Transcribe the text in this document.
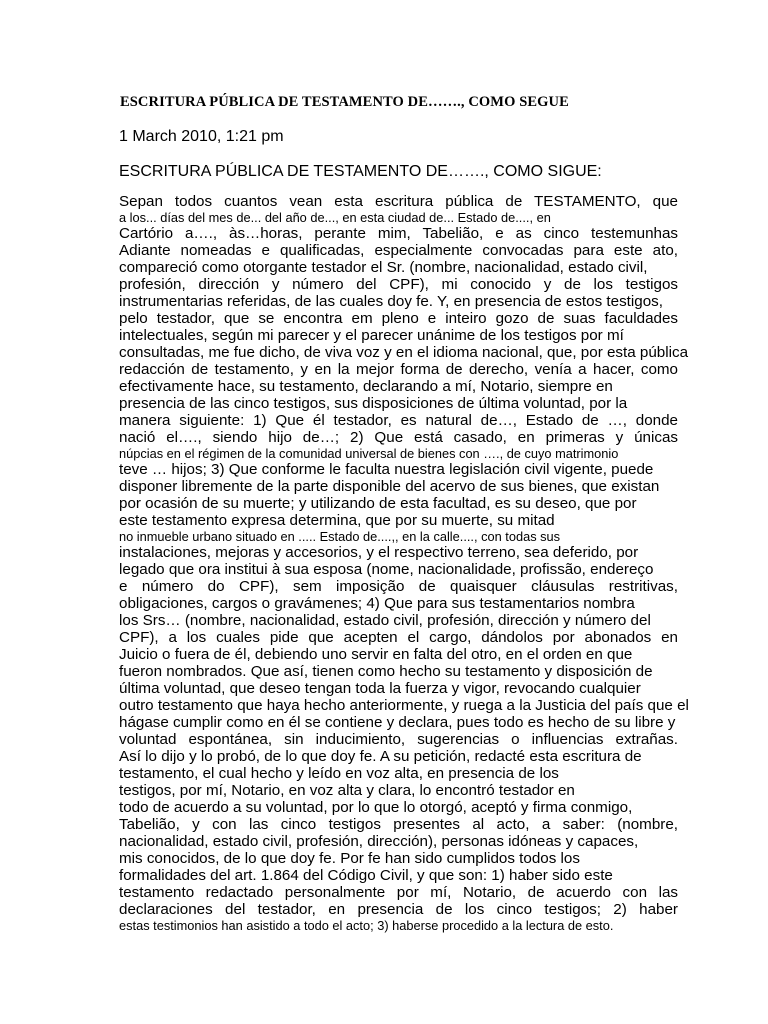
ESCRITURA PÚBLICA DE TESTAMENTO DE……., COMO SEGUE
1 March 2010, 1:21 pm
ESCRITURA PÚBLICA DE TESTAMENTO DE……., COMO SIGUE:
Sepan todos cuantos vean esta escritura pública de TESTAMENTO, que
a los... días del mes de... del año de..., en esta ciudad de... Estado de...., en
Cartório a…., às…horas, perante mim, Tabelião, e as cinco testemunhas
Adiante nomeadas e qualificadas, especialmente convocadas para este ato,
compareció como otorgante testador el Sr. (nombre, nacionalidad, estado civil,
profesión, dirección y número del CPF), mi conocido y de los testigos
instrumentarias referidas, de las cuales doy fe. Y, en presencia de estos testigos,
pelo testador, que se encontra em pleno e inteiro gozo de suas faculdades
intelectuales, según mi parecer y el parecer unánime de los testigos por mí
consultadas, me fue dicho, de viva voz y en el idioma nacional, que, por esta pública
redacción de testamento, y en la mejor forma de derecho, venía a hacer, como
efectivamente hace, su testamento, declarando a mí, Notario, siempre en
presencia de las cinco testigos, sus disposiciones de última voluntad, por la
manera siguiente: 1) Que él testador, es natural de…, Estado de …, donde
nació el…., siendo hijo de…; 2) Que está casado, en primeras y únicas
núpcias en el régimen de la comunidad universal de bienes con …., de cuyo matrimonio
teve … hijos; 3) Que conforme le faculta nuestra legislación civil vigente, puede
disponer libremente de la parte disponible del acervo de sus bienes, que existan
por ocasión de su muerte; y utilizando de esta facultad, es su deseo, que por
este testamento expresa determina, que por su muerte, su mitad
no inmueble urbano situado en ..... Estado de....,, en la calle...., con todas sus
instalaciones, mejoras y accesorios, y el respectivo terreno, sea deferido, por
legado que ora institui à sua esposa (nome, nacionalidade, profissão, endereço
e número do CPF), sem imposição de quaisquer cláusulas restritivas,
obligaciones, cargos o gravámenes; 4) Que para sus testamentarios nombra
los Srs… (nombre, nacionalidad, estado civil, profesión, dirección y número del
CPF), a los cuales pide que acepten el cargo, dándolos por abonados en
Juicio o fuera de él, debiendo uno servir en falta del otro, en el orden en que
fueron nombrados. Que así, tienen como hecho su testamento y disposición de
última voluntad, que deseo tengan toda la fuerza y vigor, revocando cualquier
outro testamento que haya hecho anteriormente, y ruega a la Justicia del país que el
hágase cumplir como en él se contiene y declara, pues todo es hecho de su libre y
voluntad espontánea, sin inducimiento, sugerencias o influencias extrañas.
Así lo dijo y lo probó, de lo que doy fe. A su petición, redacté esta escritura de
testamento, el cual hecho y leído en voz alta, en presencia de los
testigos, por mí, Notario, en voz alta y clara, lo encontró testador en
todo de acuerdo a su voluntad, por lo que lo otorgó, aceptó y firma conmigo,
Tabelião, y con las cinco testigos presentes al acto, a saber: (nombre,
nacionalidad, estado civil, profesión, dirección), personas idóneas y capaces,
mis conocidos, de lo que doy fe. Por fe han sido cumplidos todos los
formalidades del art. 1.864 del Código Civil, y que son: 1) haber sido este
testamento redactado personalmente por mí, Notario, de acuerdo con las
declaraciones del testador, en presencia de los cinco testigos; 2) haber
estas testimonios han asistido a todo el acto; 3) haberse procedido a la lectura de esto.
